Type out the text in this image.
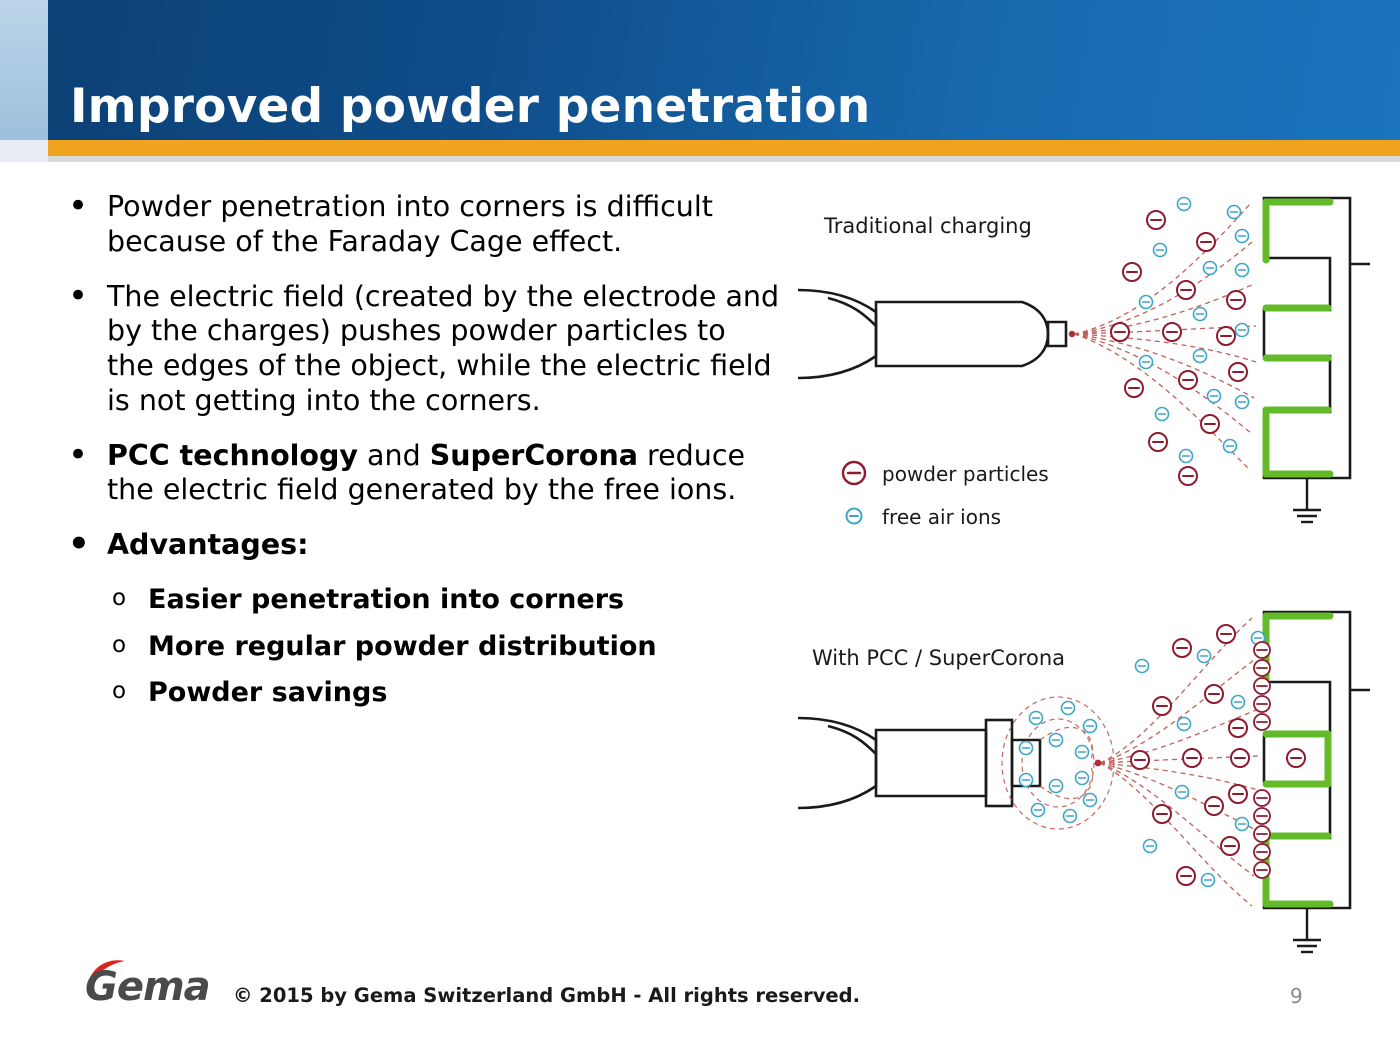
Improved powder penetration
• Powder penetration into corners is difficult because of the Faraday Cage effect.
• The electric field (created by the electrode and by the charges) pushes powder particles to the edges of the object, while the electric field is not getting into the corners.
• PCC technology and SuperCorona reduce the electric field generated by the free ions.
• Advantages:
o Easier penetration into corners
o More regular powder distribution
o Powder savings
Traditional charging
powder particles
free air ions
With PCC / SuperCorona
Gema © 2015 by Gema Switzerland GmbH - All rights reserved.	9
